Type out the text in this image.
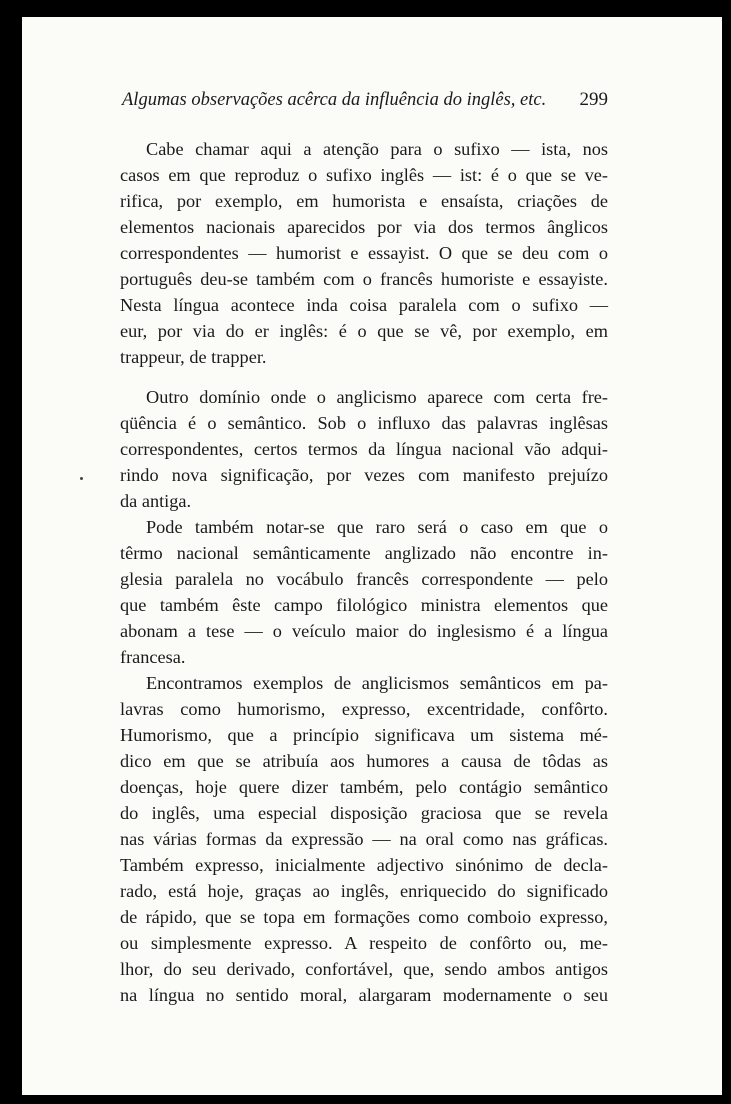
Algumas observações acêrca da influência do inglês, etc. 299
Cabe chamar aqui a atenção para o sufixo — ista, nos
casos em que reproduz o sufixo inglês — ist: é o que se ve-
rifica, por exemplo, em humorista e ensaísta, criações de
elementos nacionais aparecidos por via dos termos ânglicos
correspondentes — humorist e essayist. O que se deu com o
português deu-se também com o francês humoriste e essayiste.
Nesta língua acontece inda coisa paralela com o sufixo —
eur, por via do er inglês: é o que se vê, por exemplo, em
trappeur, de trapper.
Outro domínio onde o anglicismo aparece com certa fre-
qüência é o semântico. Sob o influxo das palavras inglêsas
correspondentes, certos termos da língua nacional vão adqui-
rindo nova significação, por vezes com manifesto prejuízo
da antiga.
Pode também notar-se que raro será o caso em que o
têrmo nacional semânticamente anglizado não encontre in-
glesia paralela no vocábulo francês correspondente — pelo
que também êste campo filológico ministra elementos que
abonam a tese — o veículo maior do inglesismo é a língua
francesa.
Encontramos exemplos de anglicismos semânticos em pa-
lavras como humorismo, expresso, excentridade, confôrto.
Humorismo, que a princípio significava um sistema mé-
dico em que se atribuía aos humores a causa de tôdas as
doenças, hoje quere dizer também, pelo contágio semântico
do inglês, uma especial disposição graciosa que se revela
nas várias formas da expressão — na oral como nas gráficas.
Também expresso, inicialmente adjectivo sinónimo de decla-
rado, está hoje, graças ao inglês, enriquecido do significado
de rápido, que se topa em formações como comboio expresso,
ou simplesmente expresso. A respeito de confôrto ou, me-
lhor, do seu derivado, confortável, que, sendo ambos antigos
na língua no sentido moral, alargaram modernamente o seu
